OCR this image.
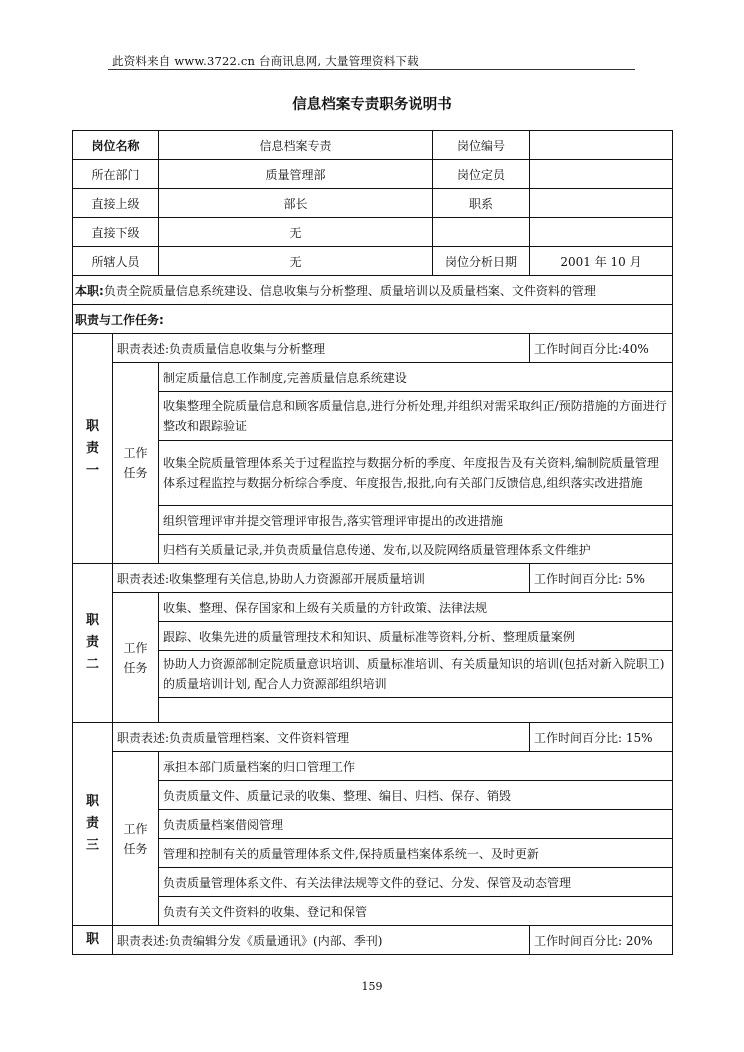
此资料来自 www.3722.cn 台商讯息网, 大量管理资料下载
信息档案专责职务说明书
岗位名称		信息档案专责	岗位编号	
所在部门		质量管理部	岗位定员	
直接上级		部长	职系	
直接下级		无		
所辖人员		无	岗位分析日期	2001 年 10 月
本职:负责全院质量信息系统建设、信息收集与分析整理、质量培训以及质量档案、文件资料的管理				
职责与工作任务:				

职
责
一	职责表述:负责质量信息收集与分析整理			工作时间百分比:40%

	工作
任务	制定质量信息工作制度,完善质量信息系统建设		
		收集整理全院质量信息和顾客质量信息,进行分析处理,并组织对需采取纠正/预防措施的方面进行整改和跟踪验证		
		收集全院质量管理体系关于过程监控与数据分析的季度、年度报告及有关资料,编制院质量管理体系过程监控与数据分析综合季度、年度报告,报批,向有关部门反馈信息,组织落实改进措施		
		组织管理评审并提交管理评审报告,落实管理评审提出的改进措施		
		归档有关质量记录,并负责质量信息传递、发布,以及院网络质量管理体系文件维护		

职
责
二	职责表述:收集整理有关信息,协助人力资源部开展质量培训			工作时间百分比: 5%

	工作
任务	收集、整理、保存国家和上级有关质量的方针政策、法律法规		
		跟踪、收集先进的质量管理技术和知识、质量标准等资料,分析、整理质量案例		
		协助人力资源部制定院质量意识培训、质量标准培训、有关质量知识的培训(包括对新入院职工)的质量培训计划, 配合人力资源部组织培训		

职
责
三	职责表述:负责质量管理档案、文件资料管理			工作时间百分比: 15%

	工作
任务	承担本部门质量档案的归口管理工作		
		负责质量文件、质量记录的收集、整理、编目、归档、保存、销毁		
		负责质量档案借阅管理		
		管理和控制有关的质量管理体系文件,保持质量档案体系统一、及时更新		
		负责质量管理体系文件、有关法律法规等文件的登记、分发、保管及动态管理		
		负责有关文件资料的收集、登记和保管		

职	职责表述:负责编辑分发《质量通讯》(内部、季刊)			工作时间百分比: 20%
159
